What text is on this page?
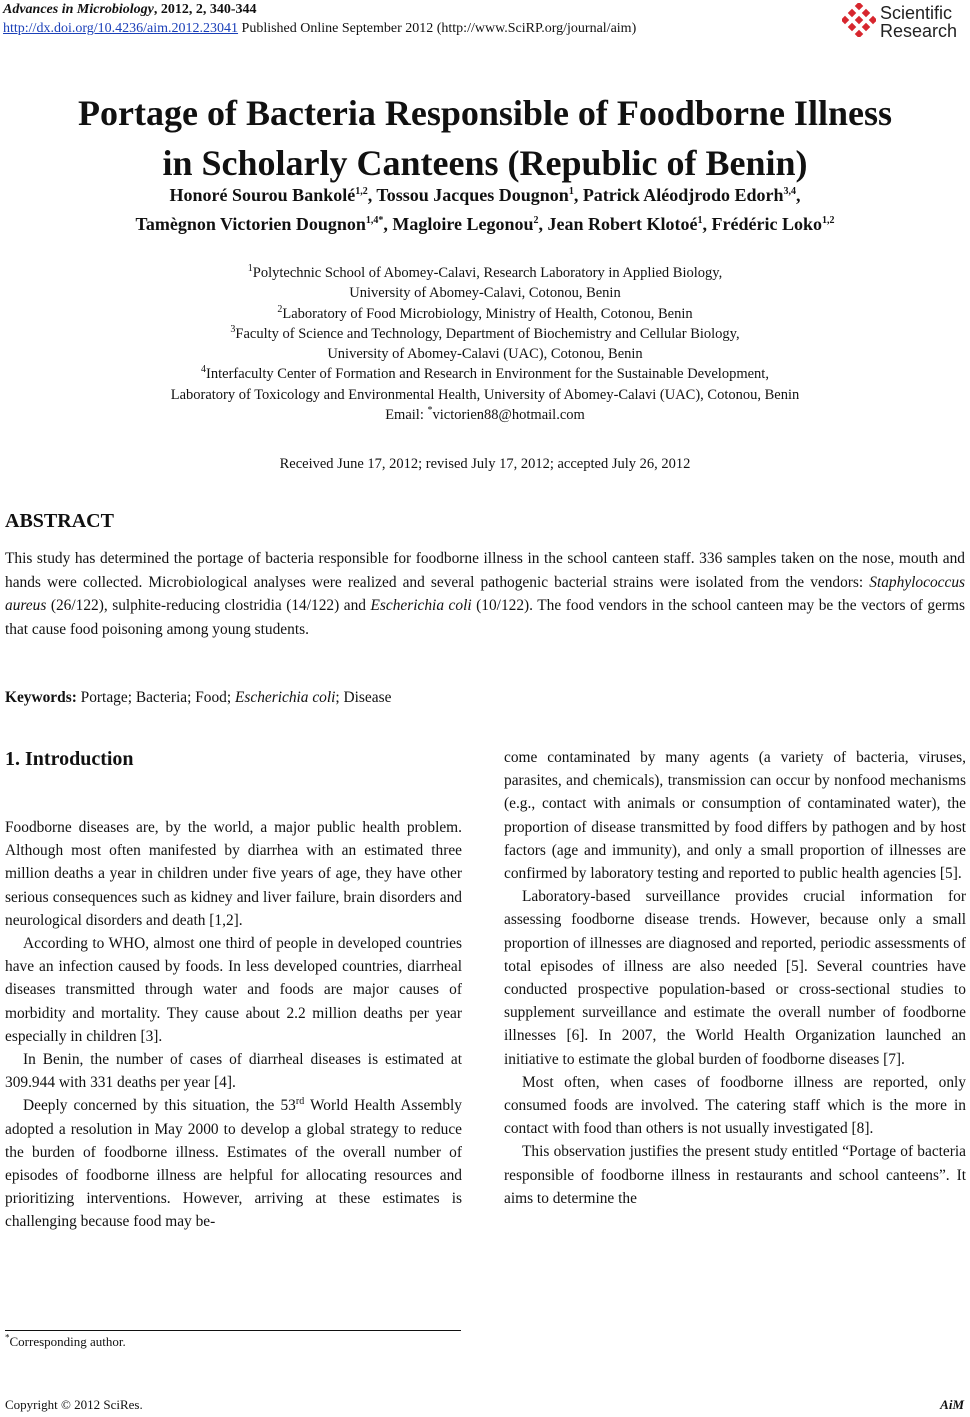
Advances in Microbiology, 2012, 2, 340-344
http://dx.doi.org/10.4236/aim.2012.23041 Published Online September 2012 (http://www.SciRP.org/journal/aim)
Scientific
Research
Portage of Bacteria Responsible of Foodborne Illness
in Scholarly Canteens (Republic of Benin)
Honoré Sourou Bankolé$^{1,2}$, Tossou Jacques Dougnon$^1$, Patrick Aléodjrodo Edorh$^{3,4}$,
Tamègnon Victorien Dougnon$^{1,4*}$, Magloire Legonou$^2$, Jean Robert Klotoé$^1$, Frédéric Loko$^{1,2}$
$^1$Polytechnic School of Abomey-Calavi, Research Laboratory in Applied Biology,
University of Abomey-Calavi, Cotonou, Benin
$^2$Laboratory of Food Microbiology, Ministry of Health, Cotonou, Benin
$^3$Faculty of Science and Technology, Department of Biochemistry and Cellular Biology,
University of Abomey-Calavi (UAC), Cotonou, Benin
$^4$Interfaculty Center of Formation and Research in Environment for the Sustainable Development,
Laboratory of Toxicology and Environmental Health, University of Abomey-Calavi (UAC), Cotonou, Benin
Email: *victorien88@hotmail.com
Received June 17, 2012; revised July 17, 2012; accepted July 26, 2012
ABSTRACT
This study has determined the portage of bacteria responsible for foodborne illness in the school canteen staff. 336 samples taken on the nose, mouth and hands were collected. Microbiological analyses were realized and several pathogenic bacterial strains were isolated from the vendors: Staphylococcus aureus (26/122), sulphite-reducing clostridia (14/122) and Escherichia coli (10/122). The food vendors in the school canteen may be the vectors of germs that cause food poisoning among young students.
Keywords: Portage; Bacteria; Food; Escherichia coli; Disease
1. Introduction

Foodborne diseases are, by the world, a major public health problem. Although most often manifested by diarrhea with an estimated three million deaths a year in children under five years of age, they have other serious consequences such as kidney and liver failure, brain disorders and neurological disorders and death [1,2].

According to WHO, almost one third of people in developed countries have an infection caused by foods. In less developed countries, diarrheal diseases transmitted through water and foods are major causes of morbidity and mortality. They cause about 2.2 million deaths per year especially in children [3].

In Benin, the number of cases of diarrheal diseases is estimated at 309.944 with 331 deaths per year [4].

Deeply concerned by this situation, the 53rd World Health Assembly adopted a resolution in May 2000 to develop a global strategy to reduce the burden of foodborne illness. Estimates of the overall number of episodes of foodborne illness are helpful for allocating resources and prioritizing interventions. However, arriving at these estimates is challenging because food may be-

come contaminated by many agents (a variety of bacteria, viruses, parasites, and chemicals), transmission can occur by nonfood mechanisms (e.g., contact with animals or consumption of contaminated water), the proportion of disease transmitted by food differs by pathogen and by host factors (age and immunity), and only a small proportion of illnesses are confirmed by laboratory testing and reported to public health agencies [5].

Laboratory-based surveillance provides crucial information for assessing foodborne disease trends. However, because only a small proportion of illnesses are diagnosed and reported, periodic assessments of total episodes of illness are also needed [5]. Several countries have conducted prospective population-based or cross-sectional studies to supplement surveillance and estimate the overall number of foodborne illnesses [6]. In 2007, the World Health Organization launched an initiative to estimate the global burden of foodborne diseases [7].

Most often, when cases of foodborne illness are reported, only consumed foods are involved. The catering staff which is the more in contact with food than others is not usually investigated [8].

This observation justifies the present study entitled “Portage of bacteria responsible of foodborne illness in restaurants and school canteens”. It aims to determine the

*Corresponding author.
Copyright © 2012 SciRes.	AiM
